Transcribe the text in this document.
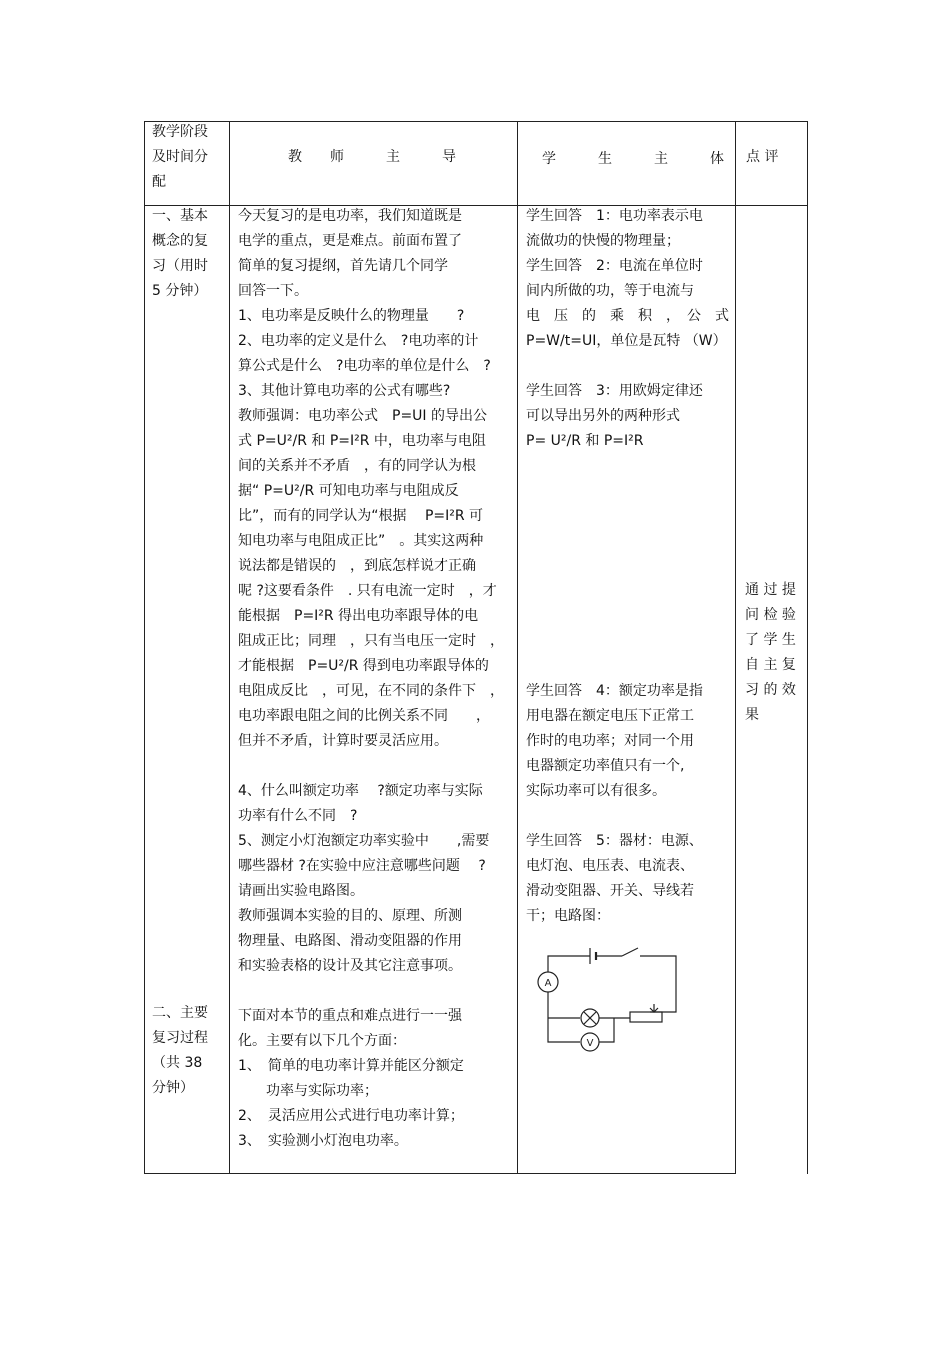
教学阶段

及时间分

配

教　　师　　　主　　　导	学　　　生　　　主　　　体 点 评

一、基本

概念的复

习（用时

5 分钟）

二、主要

复习过程

（共 38

分钟）

今天复习的是电功率，我们知道既是

电学的重点，更是难点。前面布置了

简单的复习提纲，首先请几个同学

回答一下。

1、电功率是反映什么的物理量　　?

2、电功率的定义是什么　?电功率的计

算公式是什么　?电功率的单位是什么　?

3、其他计算电功率的公式有哪些?

教师强调：电功率公式　P=UI 的导出公

式 P=U²/R 和 P=I²R 中，电功率与电阻

间的关系并不矛盾　，有的同学认为根

据“ P=U²/R 可知电功率与电阻成反

比”，而有的同学认为“根据　 P=I²R 可

知电功率与电阻成正比”　。其实这两种

说法都是错误的　，到底怎样说才正确

呢 ?这要看条件　. 只有电流一定时　，才

能根据　P=I²R 得出电功率跟导体的电

阻成正比；同理　，只有当电压一定时　，

才能根据　P=U²/R 得到电功率跟导体的

电阻成反比　，可见，在不同的条件下　，

电功率跟电阻之间的比例关系不同　　，

但并不矛盾，计算时要灵活应用。

4、什么叫额定功率　 ?额定功率与实际

功率有什么不同　?

5、测定小灯泡额定功率实验中　　,需要

哪些器材 ?在实验中应注意哪些问题　 ?

请画出实验电路图。

教师强调本实验的目的、原理、所测

物理量、电路图、滑动变阻器的作用

和实验表格的设计及其它注意事项。

下面对本节的重点和难点进行一一强

化。主要有以下几个方面：

1、　简单的电功率计算并能区分额定

功率与实际功率；

2、　灵活应用公式进行电功率计算；

3、　实验测小灯泡电功率。

学生回答　1：电功率表示电

流做功的快慢的物理量；

学生回答　2：电流在单位时

间内所做的功，等于电流与

电　压　的　乘　积　，　公　式

P=W/t=UI，单位是瓦特 （W）

学生回答　3：用欧姆定律还

可以导出另外的两种形式

P= U²/R 和 P=I²R

学生回答　4：额定功率是指

用电器在额定电压下正常工

作时的电功率；对同一个用

电器额定功率值只有一个,

实际功率可以有很多。

学生回答　5：器材：电源、

电灯泡、电压表、电流表、

滑动变阻器、开关、导线若

干；电路图：

通 过 提

问 检 验

了 学 生

自 主 复

习 的 效

果

A
V
